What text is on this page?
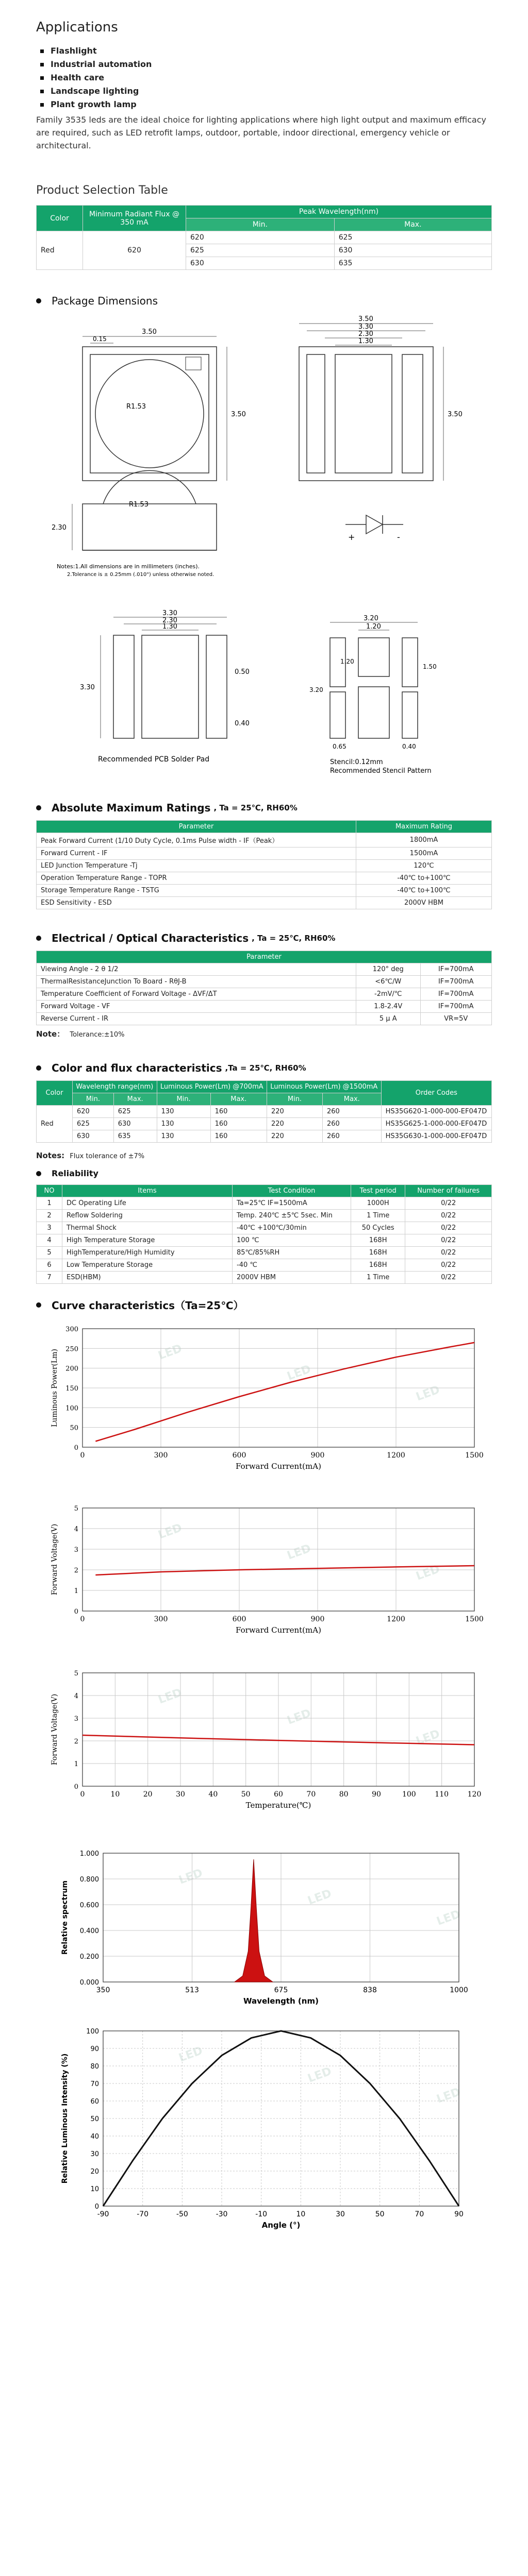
Applications
Flashlight
Industrial automation
Health care
Landscape lighting
Plant growth lamp
Family 3535 leds are the ideal choice for lighting applications where high light output and maximum efficacy are required, such as LED retrofit lamps, outdoor, portable, indoor directional, emergency vehicle or architectural.
Product Selection Table
Color	Minimum Radiant Flux @ 350 mA	Peak Wavelength(nm)	
		Min.	Max.
Red	620	620	625
		625	630
		630	635
Package Dimensions
3.50
0.15
R1.53
3.50
3.50
3.30
2.30
1.30
3.50
R1.53
2.30
+	-
Notes:1.All dimensions are in millimeters (inches).
2.Tolerance is ± 0.25mm (.010") unless otherwise noted.
3.30
2.30
1.30
3.30
0.50
0.40
Recommended PCB Solder Pad
3.20
1.20
1.20
1.50
3.20
0.65	0.40
Stencil:0.12mm
Recommended Stencil Pattern
Absolute Maximum Ratings , Ta = 25℃, RH60%
Parameter	Maximum Rating
Peak Forward Current (1/10 Duty Cycle, 0.1ms Pulse width - IF（Peak）	1800mA
Forward Current - IF	1500mA
LED Junction Temperature -Tj	120℃
Operation Temperature Range - TOPR	-40℃ to+100℃
Storage Temperature Range - TSTG	-40℃ to+100℃
ESD Sensitivity - ESD	2000V HBM
Electrical / Optical Characteristics , Ta = 25℃, RH60%
Parameter		
Viewing Angle - 2 θ 1/2	120° deg	IF=700mA
ThermalResistanceJunction To Board - RθJ-B	<6℃/W	IF=700mA
Temperature Coefficient of Forward Voltage - ΔVF/ΔT	-2mV/℃	IF=700mA
Forward Voltage - VF	1.8-2.4V	IF=700mA
Reverse Current - IR	5 μ A	VR=5V
Note： Tolerance:±10%
Color and flux characteristics ,Ta = 25℃, RH60%
Color	Wavelength range(nm)		Luminous Power(Lm) @700mA		Luminous Power(Lm) @1500mA		Order Codes
	Min.	Max.	Min.	Max.	Min.	Max.	
Red	620	625	130	160	220	260	HS35G620-1-000-000-EF047D
	625	630	130	160	220	260	HS35G625-1-000-000-EF047D
	630	635	130	160	220	260	HS35G630-1-000-000-EF047D
Notes: Flux tolerance of ±7%
Reliability
NO	Items	Test Condition	Test period	Number of failures
1	DC Operating Life	Ta=25℃ IF=1500mA	1000H	0/22
2	Reflow Soldering	Temp. 240℃ ±5℃ 5sec. Min	1 Time	0/22
3	Thermal Shock	-40℃ +100℃/30min	50 Cycles	0/22
4	High Temperature Storage	100 ℃	168H	0/22
5	HighTemperature/High Humidity	85℃/85%RH	168H	0/22
6	Low Temperature Storage	-40 ℃	168H	0/22
7	ESD(HBM)	2000V HBM	1 Time	0/22
Curve characteristics（Ta=25℃）
LED
LED
LED
0	300	600	900	1200	1500
0
50
100
150
200
250
300
Forward Current(mA)
Luminous Power(Lm)
LED
LED
LED
0	300	600	900	1200	1500
0
1
2
3
4
5
Forward Current(mA)
Forward Voltage(V)
LED
LED
LED
0	10	20	30	40	50	60	70	80	90	100	110	120
0
1
2
3
4
5
Temperature(℃)
Forward Voltage(V)
LED
LED
LED
350	513	675	838	1000
0.000
0.200
0.400
0.600
0.800
1.000
Wavelength (nm)
Relative spectrum
LED
LED
LED
-90	-70	-50	-30	-10	10	30	50	70	90
0
10
20
30
40
50
60
70
80
90
100
Angle (°)
Relative Luminous Intensity (%)
